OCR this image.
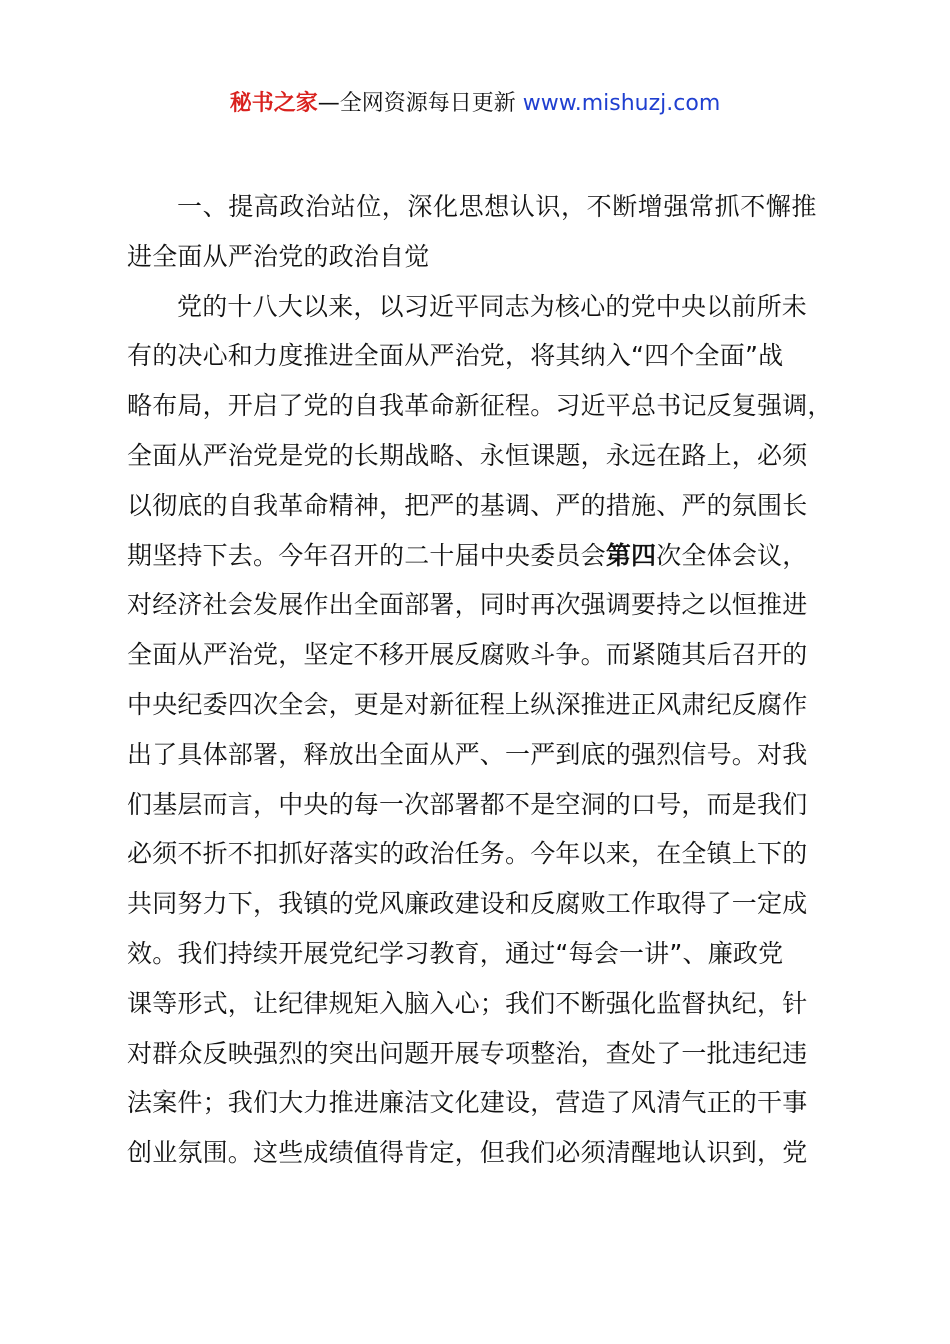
秘书之家—全网资源每日更新 www.mishuzj.com
一、提高政治站位，深化思想认识，不断增强常抓不懈推
进全面从严治党的政治自觉
党的十八大以来，以习近平同志为核心的党中央以前所未
有的决心和力度推进全面从严治党，将其纳入“四个全面”战
略布局，开启了党的自我革命新征程。习近平总书记反复强调，
全面从严治党是党的长期战略、永恒课题，永远在路上，必须
以彻底的自我革命精神，把严的基调、严的措施、严的氛围长
期坚持下去。今年召开的二十届中央委员会第四次全体会议，
对经济社会发展作出全面部署，同时再次强调要持之以恒推进
全面从严治党，坚定不移开展反腐败斗争。而紧随其后召开的
中央纪委四次全会，更是对新征程上纵深推进正风肃纪反腐作
出了具体部署，释放出全面从严、一严到底的强烈信号。对我
们基层而言，中央的每一次部署都不是空洞的口号，而是我们
必须不折不扣抓好落实的政治任务。今年以来，在全镇上下的
共同努力下，我镇的党风廉政建设和反腐败工作取得了一定成
效。我们持续开展党纪学习教育，通过“每会一讲”、廉政党
课等形式，让纪律规矩入脑入心；我们不断强化监督执纪，针
对群众反映强烈的突出问题开展专项整治，查处了一批违纪违
法案件；我们大力推进廉洁文化建设，营造了风清气正的干事
创业氛围。这些成绩值得肯定，但我们必须清醒地认识到，党
